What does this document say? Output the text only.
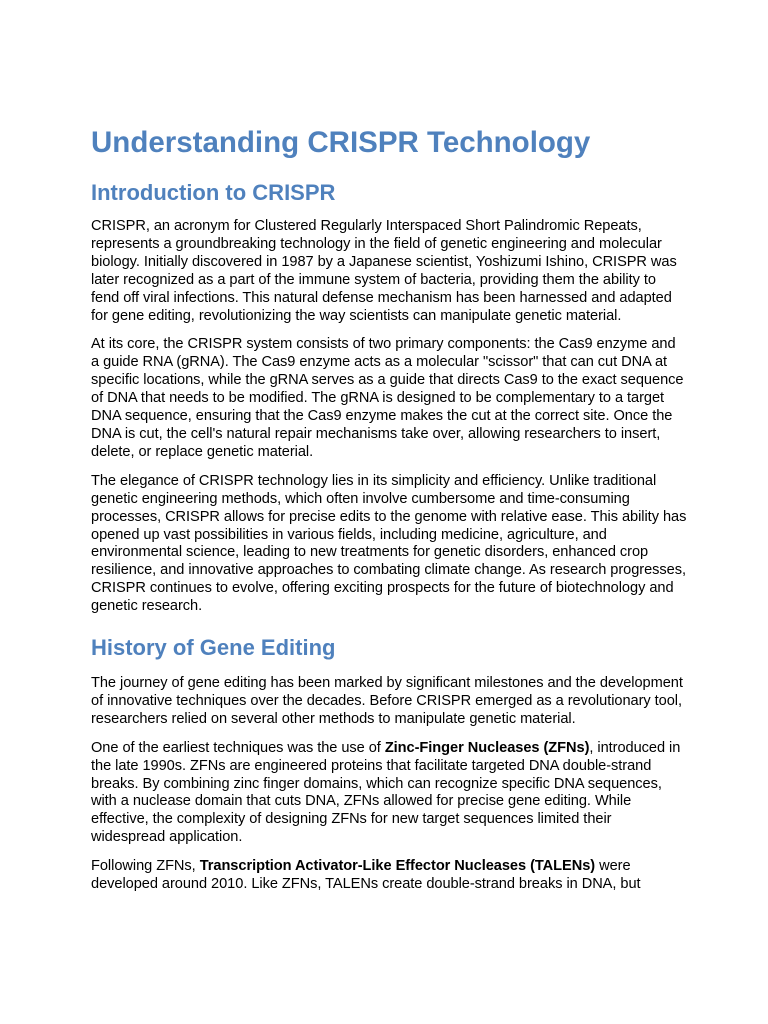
Understanding CRISPR Technology
Introduction to CRISPR

CRISPR, an acronym for Clustered Regularly Interspaced Short Palindromic Repeats, represents a groundbreaking technology in the field of genetic engineering and molecular biology. Initially discovered in 1987 by a Japanese scientist, Yoshizumi Ishino, CRISPR was later recognized as a part of the immune system of bacteria, providing them the ability to fend off viral infections. This natural defense mechanism has been harnessed and adapted for gene editing, revolutionizing the way scientists can manipulate genetic material.

At its core, the CRISPR system consists of two primary components: the Cas9 enzyme and a guide RNA (gRNA). The Cas9 enzyme acts as a molecular "scissor" that can cut DNA at specific locations, while the gRNA serves as a guide that directs Cas9 to the exact sequence of DNA that needs to be modified. The gRNA is designed to be complementary to a target DNA sequence, ensuring that the Cas9 enzyme makes the cut at the correct site. Once the DNA is cut, the cell's natural repair mechanisms take over, allowing researchers to insert, delete, or replace genetic material.

The elegance of CRISPR technology lies in its simplicity and efficiency. Unlike traditional genetic engineering methods, which often involve cumbersome and time-consuming processes, CRISPR allows for precise edits to the genome with relative ease. This ability has opened up vast possibilities in various fields, including medicine, agriculture, and environmental science, leading to new treatments for genetic disorders, enhanced crop resilience, and innovative approaches to combating climate change. As research progresses, CRISPR continues to evolve, offering exciting prospects for the future of biotechnology and genetic research.

History of Gene Editing

The journey of gene editing has been marked by significant milestones and the development of innovative techniques over the decades. Before CRISPR emerged as a revolutionary tool, researchers relied on several other methods to manipulate genetic material.

One of the earliest techniques was the use of Zinc-Finger Nucleases (ZFNs), introduced in the late 1990s. ZFNs are engineered proteins that facilitate targeted DNA double-strand breaks. By combining zinc finger domains, which can recognize specific DNA sequences, with a nuclease domain that cuts DNA, ZFNs allowed for precise gene editing. While effective, the complexity of designing ZFNs for new target sequences limited their widespread application.

Following ZFNs, Transcription Activator-Like Effector Nucleases (TALENs) were developed around 2010. Like ZFNs, TALENs create double-strand breaks in DNA, but
